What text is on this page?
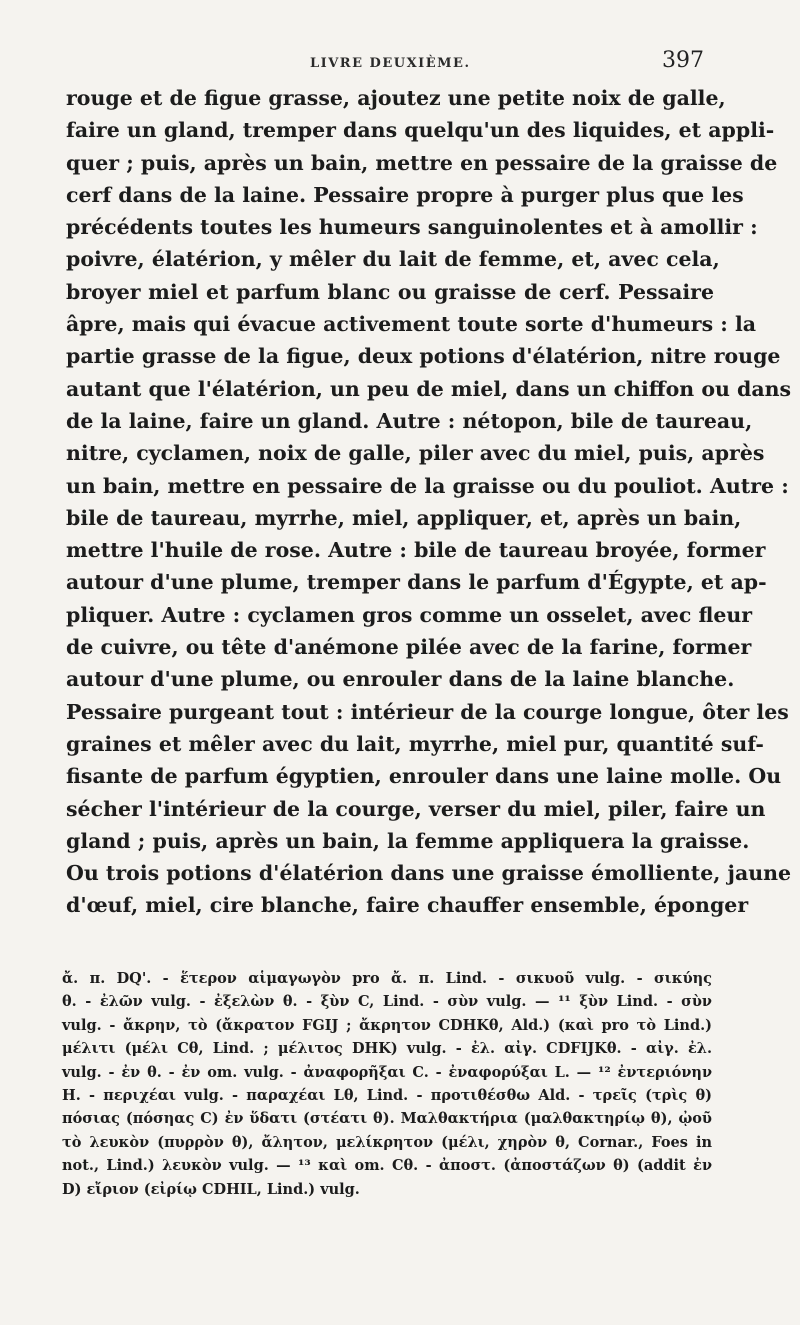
LIVRE DEUXIÈME.	397
rouge et de figue grasse, ajoutez une petite noix de galle,
faire un gland, tremper dans quelqu'un des liquides, et appli-
quer ; puis, après un bain, mettre en pessaire de la graisse de
cerf dans de la laine. Pessaire propre à purger plus que les
précédents toutes les humeurs sanguinolentes et à amollir :
poivre, élatérion, y mêler du lait de femme, et, avec cela,
broyer miel et parfum blanc ou graisse de cerf. Pessaire
âpre, mais qui évacue activement toute sorte d'humeurs : la
partie grasse de la figue, deux potions d'élatérion, nitre rouge
autant que l'élatérion, un peu de miel, dans un chiffon ou dans
de la laine, faire un gland. Autre : nétopon, bile de taureau,
nitre, cyclamen, noix de galle, piler avec du miel, puis, après
un bain, mettre en pessaire de la graisse ou du pouliot. Autre :
bile de taureau, myrrhe, miel, appliquer, et, après un bain,
mettre l'huile de rose. Autre : bile de taureau broyée, former
autour d'une plume, tremper dans le parfum d'Égypte, et ap-
pliquer. Autre : cyclamen gros comme un osselet, avec fleur
de cuivre, ou tête d'anémone pilée avec de la farine, former
autour d'une plume, ou enrouler dans de la laine blanche.
Pessaire purgeant tout : intérieur de la courge longue, ôter les
graines et mêler avec du lait, myrrhe, miel pur, quantité suf-
fisante de parfum égyptien, enrouler dans une laine molle. Ou
sécher l'intérieur de la courge, verser du miel, piler, faire un
gland ; puis, après un bain, la femme appliquera la graisse.
Ou trois potions d'élatérion dans une graisse émolliente, jaune
d'œuf, miel, cire blanche, faire chauffer ensemble, éponger
ἄ. π. DQ'. - ἕτερον αἱμαγωγὸν pro ἄ. π. Lind. - σικυοῦ vulg. - σικύης
θ. - ἐλῶν vulg. - ἐξελὼν θ. - ξὺν C, Lind. - σὺν vulg. — ¹¹ ξὺν Lind. - σὺν
vulg. - ἄκρην, τὸ (ἄκρατον FGIJ ; ἄκρητον CDHKθ, Ald.) (καὶ pro τὸ Lind.)
μέλιτι (μέλι Cθ, Lind. ; μέλιτος DHK) vulg. - ἐλ. αἰγ. CDFIJKθ. - αἰγ. ἐλ.
vulg. - ἐν θ. - ἐν om. vulg. - ἀναφορῆξαι C. - ἐναφορύξαι L. — ¹² ἐντεριόνην
H. - περιχέαι vulg. - παραχέαι Lθ, Lind. - προτιθέσθω Ald. - τρεῖς (τρὶς θ)
πόσιας (πόσηας C) ἐν ὕδατι (στέατι θ). Μαλθακτήρια (μαλθακτηρίῳ θ), ᾠοῦ
τὸ λευκὸν (πυρρὸν θ), ἄλητον, μελίκρητον (μέλι, χηρὸν θ, Cornar., Foes in
not., Lind.) λευκὸν vulg. — ¹³ καὶ om. Cθ. - ἀποστ. (ἀποστάζων θ) (addit ἐν
D) εἴριον (εἰρίῳ CDHIL, Lind.) vulg.
